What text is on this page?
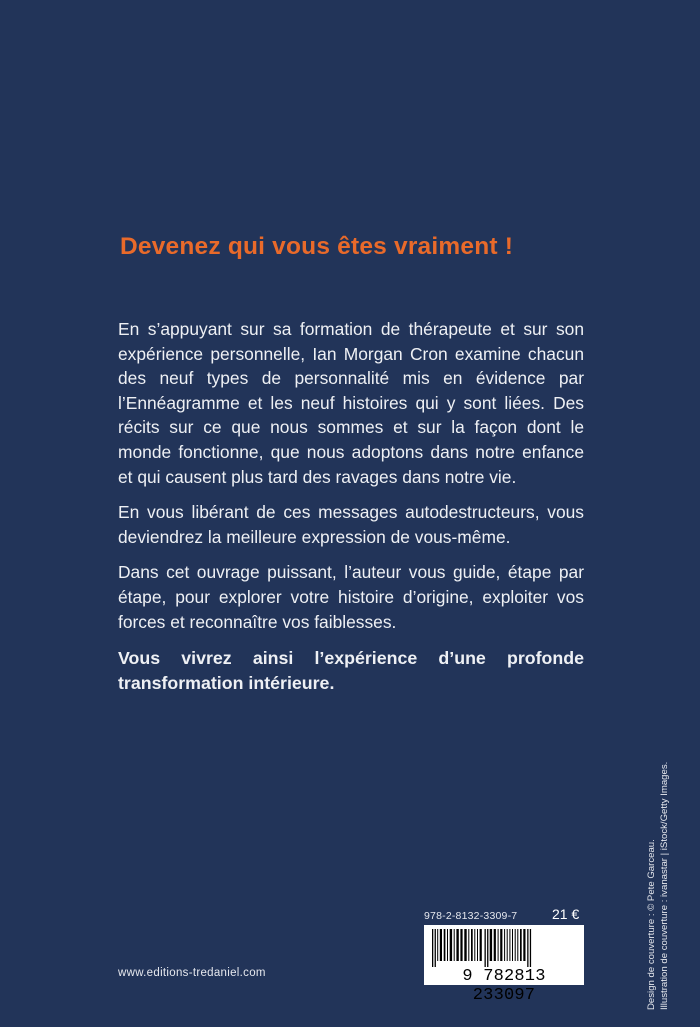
Devenez qui vous êtes vraiment !

En s’appuyant sur sa formation de thérapeute et sur son expérience personnelle, Ian Morgan Cron examine chacun des neuf types de personnalité mis en évidence par l’Ennéagramme et les neuf histoires qui y sont liées. Des récits sur ce que nous sommes et sur la façon dont le monde fonctionne, que nous adoptons dans notre enfance et qui causent plus tard des ravages dans notre vie.

En vous libérant de ces messages autodestructeurs, vous deviendrez la meilleure expression de vous-même.

Dans cet ouvrage puissant, l’auteur vous guide, étape par étape, pour explorer votre histoire d’origine, exploiter vos forces et reconnaître vos faiblesses.

Vous vivrez ainsi l’expérience d’une profonde transformation intérieure.

Design de couverture : © Pete Garceau. Illustration de couverture : ivanastar | iStock/Getty Images.
978-2-8132-3309-7 21 €
9 782813 233097
www.editions-tredaniel.com
